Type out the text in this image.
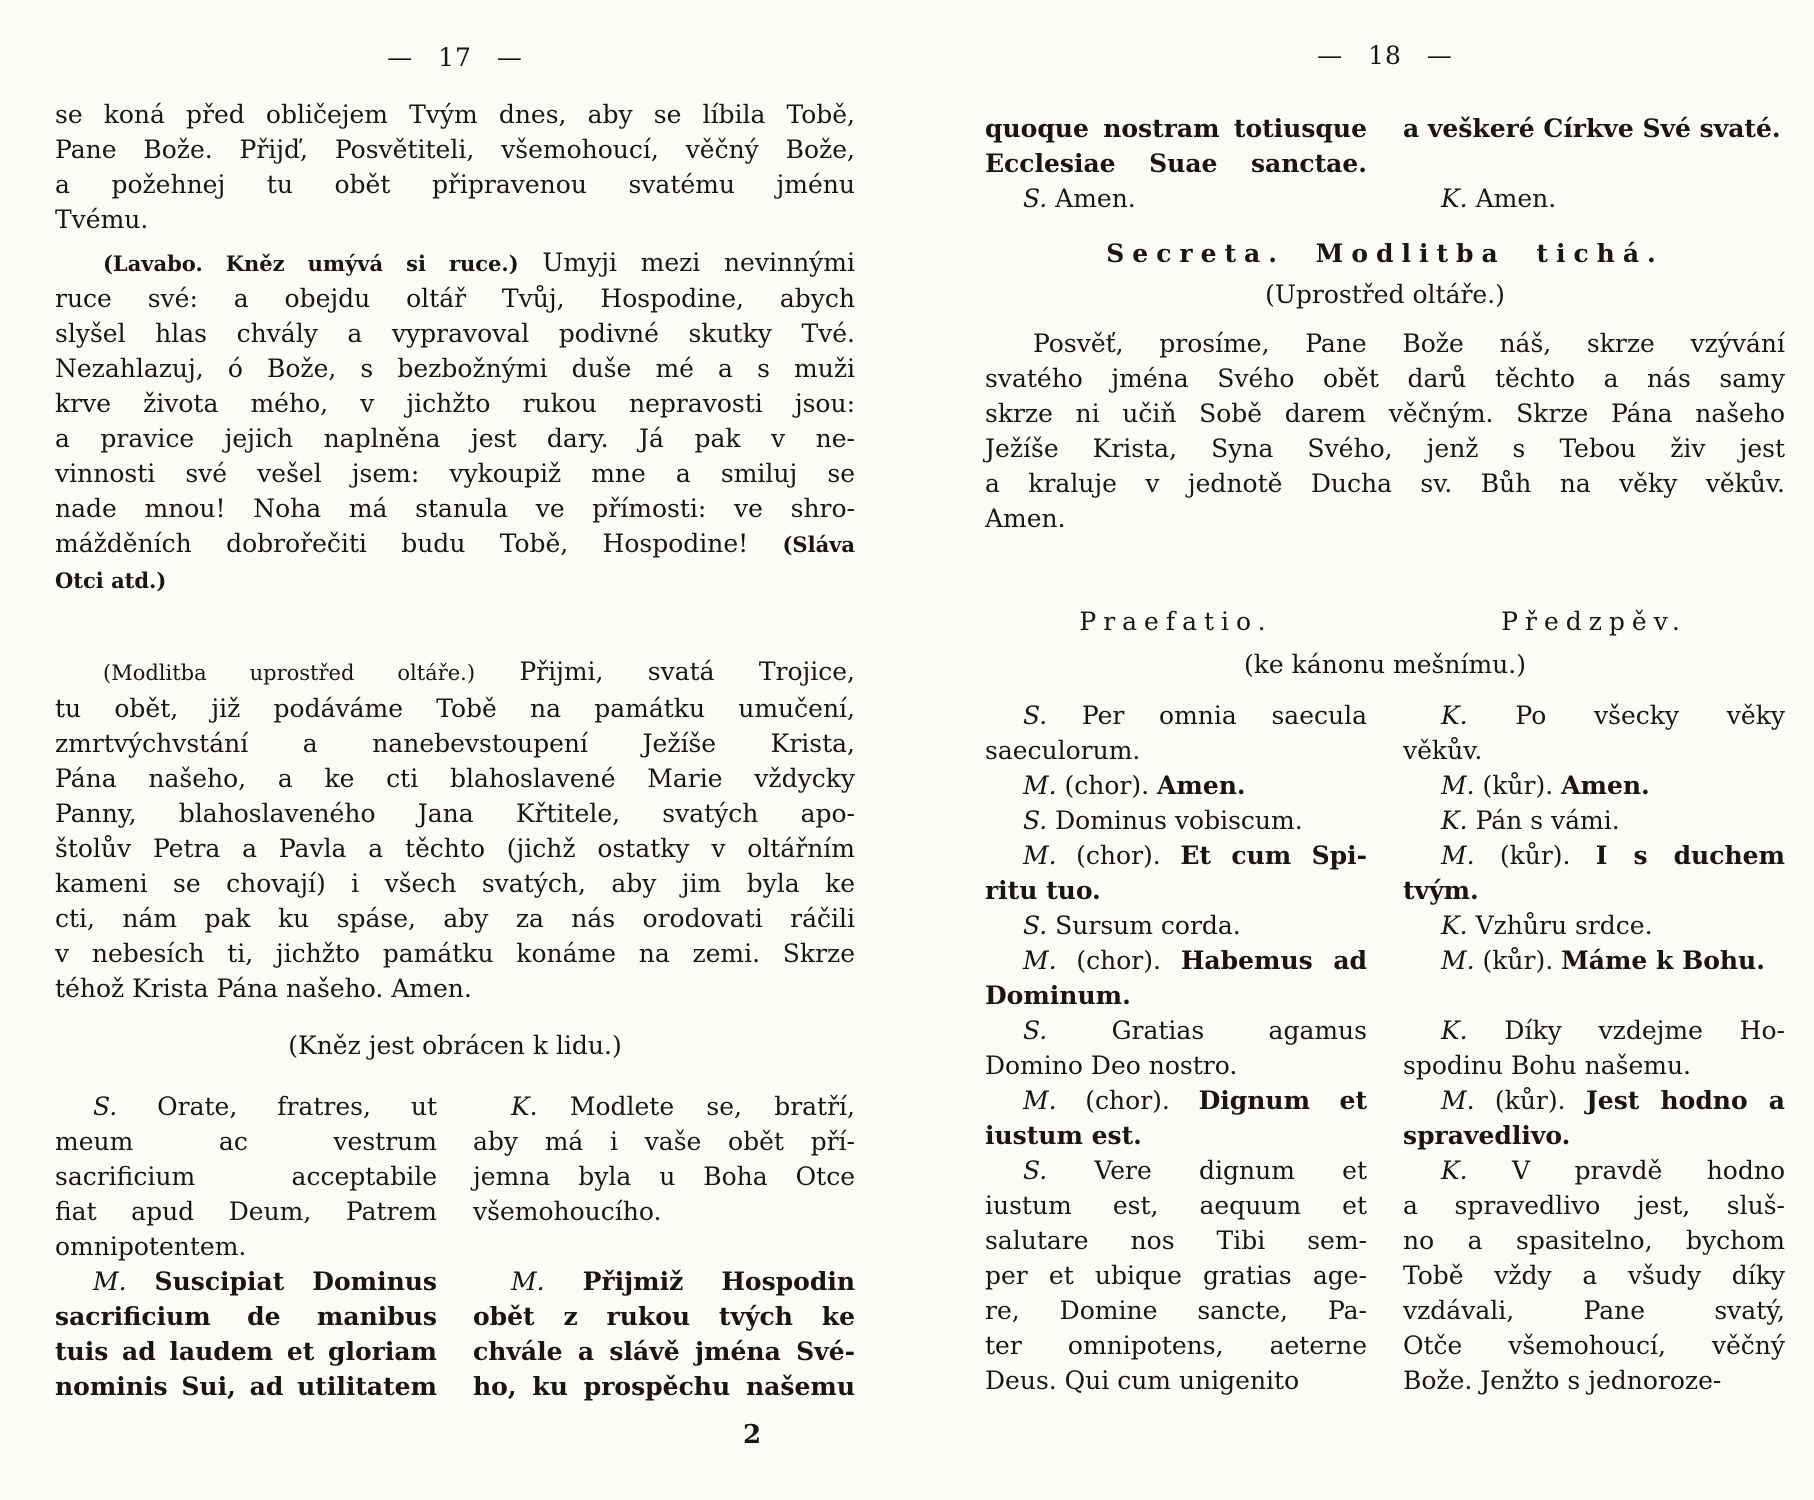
— 17 —
se koná před obličejem Tvým dnes, aby se líbila Tobě,
Pane Bože. Přijď, Posvětiteli, všemohoucí, věčný Bože,
a požehnej tu obět připravenou svatému jménu
Tvému.
(Lavabo. Kněz umývá si ruce.) Umyji mezi nevinnými
ruce své: a obejdu oltář Tvůj, Hospodine, abych
slyšel hlas chvály a vypravoval podivné skutky Tvé.
Nezahlazuj, ó Bože, s bezbožnými duše mé a s muži
krve života mého, v jichžto rukou nepravosti jsou:
a pravice jejich naplněna jest dary. Já pak v ne-
vinnosti své vešel jsem: vykoupiž mne a smiluj se
nade mnou! Noha má stanula ve přímosti: ve shro-
mážděních dobrořečiti budu Tobě, Hospodine! (Sláva
Otci atd.)
(Modlitba uprostřed oltáře.) Přijmi, svatá Trojice,
tu obět, již podáváme Tobě na památku umučení,
zmrtvýchvstání a nanebevstoupení Ježíše Krista,
Pána našeho, a ke cti blahoslavené Marie vždycky
Panny, blahoslaveného Jana Křtitele, svatých apo-
štolův Petra a Pavla a těchto (jichž ostatky v oltářním
kameni se chovají) i všech svatých, aby jim byla ke
cti, nám pak ku spáse, aby za nás orodovati ráčili
v nebesích ti, jichžto památku konáme na zemi. Skrze
téhož Krista Pána našeho. Amen.
(Kněz jest obrácen k lidu.)
S. Orate, fratres, ut
meum ac vestrum
sacrificium acceptabile
fiat apud Deum, Patrem
omnipotentem.
M. Suscipiat Dominus
sacrificium de manibus
tuis ad laudem et gloriam
nominis Sui, ad utilitatem
K. Modlete se, bratří,
aby má i vaše obět pří-
jemna byla u Boha Otce
všemohoucího.
M. Přijmiž Hospodin
obět z rukou tvých ke
chvále a slávě jména Své-
ho, ku prospěchu našemu
2
— 18 —
quoque nostram totiusque
Ecclesiae Suae sanctae.
S. Amen.
a veškeré Církve Své svaté.
K. Amen.
Secreta. Modlitba tichá.
(Uprostřed oltáře.)
Posvěť, prosíme, Pane Bože náš, skrze vzývání
svatého jména Svého obět darů těchto a nás samy
skrze ni učiň Sobě darem věčným. Skrze Pána našeho
Ježíše Krista, Syna Svého, jenž s Tebou živ jest
a kraluje v jednotě Ducha sv. Bůh na věky věkův.
Amen.
Praefatio.	Předzpěv.
(ke kánonu mešnímu.)
S. Per omnia saecula
saeculorum.
M. (chor). Amen.
S. Dominus vobiscum.
M. (chor). Et cum Spi-
ritu tuo.
S. Sursum corda.
M. (chor). Habemus ad
Dominum.
S. Gratias agamus
Domino Deo nostro.
M. (chor). Dignum et
iustum est.
S. Vere dignum et
iustum est, aequum et
salutare nos Tibi sem-
per et ubique gratias age-
re, Domine sancte, Pa-
ter omnipotens, aeterne
Deus. Qui cum unigenito
K. Po všecky věky
věkův.
M. (kůr). Amen.
K. Pán s vámi.
M. (kůr). I s duchem
tvým.
K. Vzhůru srdce.
M. (kůr). Máme k Bohu.
K. Díky vzdejme Ho-
spodinu Bohu našemu.
M. (kůr). Jest hodno a
spravedlivo.
K. V pravdě hodno
a spravedlivo jest, sluš-
no a spasitelno, bychom
Tobě vždy a všudy díky
vzdávali, Pane svatý,
Otče všemohoucí, věčný
Bože. Jenžto s jednoroze-
